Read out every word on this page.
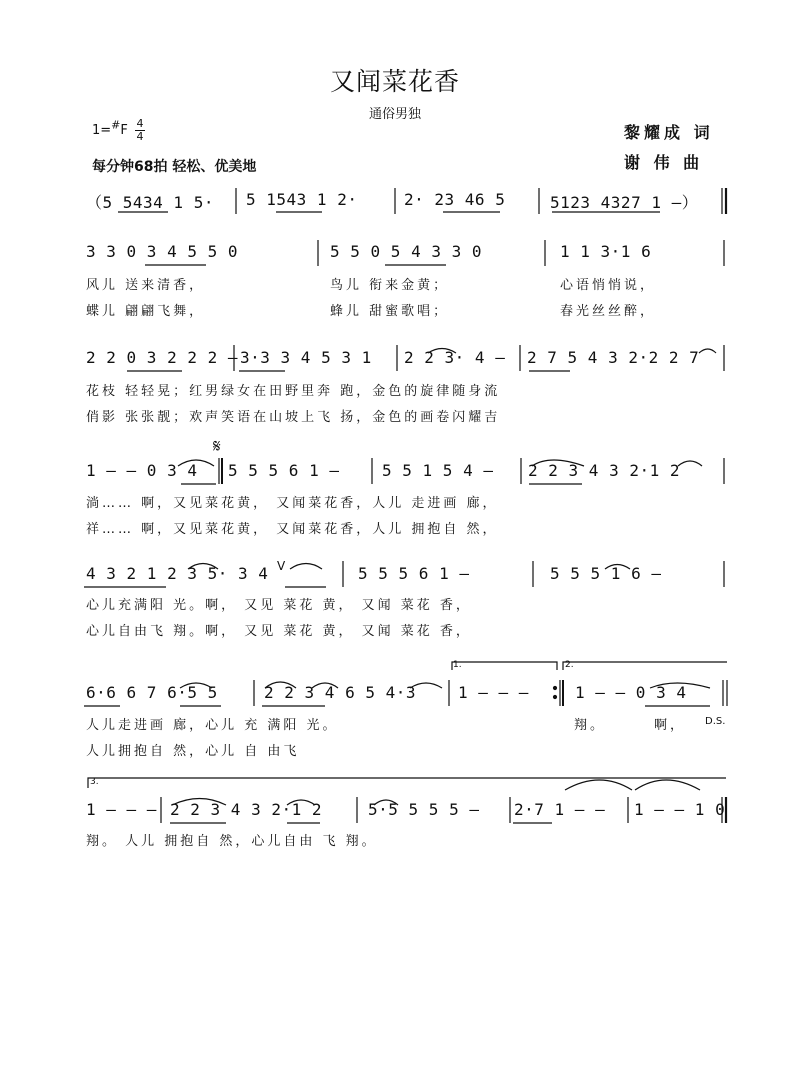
又闻菜花香
通俗男独
$1=^{\#}F \frac{4}{4}$
每分钟68拍 轻松、优美地
黎耀成 词
谢 伟 曲
V
𝄋
（5 5434 1 5· 5 1543 1 2·	2· 23 46 5	5123 4327 1 –）
3 3 0 3 4 5 5 0	5 5 0 5 4 3 3 0	1 1 3·1 6
风儿 送来清香，	鸟儿 衔来金黄；	心语悄悄说，
蝶儿 翩翩飞舞，	蜂儿 甜蜜歌唱；	春光丝丝醉，
2 2 0 3 2 2 2 – 3·3 3 4 5 3 1 2 2 3· 4 – 2 7 5 4 3 2·2 2 7
花枝 轻轻晃；红男绿女在田野里奔 跑，金色的旋律随身流
俏影 张张靓；欢声笑语在山坡上飞 扬，金色的画卷闪耀吉
1 – – 0 3 4 5 5 5 6 1 –	5 5 1 5 4 – 2 2 3 4 3 2·1 2
淌…… 啊，又见菜花黄， 又闻菜花香，人儿 走进画 廊，
祥…… 啊，又见菜花黄， 又闻菜花香，人儿 拥抱自 然，
4 3 2 1 2 3 5· 3 4	5 5 5 6 1 –	5 5 5 1 6 –
心儿充满阳 光。啊， 又见 菜花 黄， 又闻 菜花 香，
心儿自由飞 翔。啊， 又见 菜花 黄， 又闻 菜花 香，
1.	2.
6·6 6 7 6·5 5	2 2 3 4 6 5 4·3	1 – – –	1 – – 0 3 4
人儿走进画 廊，心儿 充 满阳 光。	翔。	啊， D.S.
人儿拥抱自 然，心儿 自 由飞
3.
1 – – – 2 2 3 4 3 2·1 2	5·5 5 5 5 – 2·7 1 – – 1 – – 1 0
翔。 人儿 拥抱自 然，心儿自由 飞 翔。
